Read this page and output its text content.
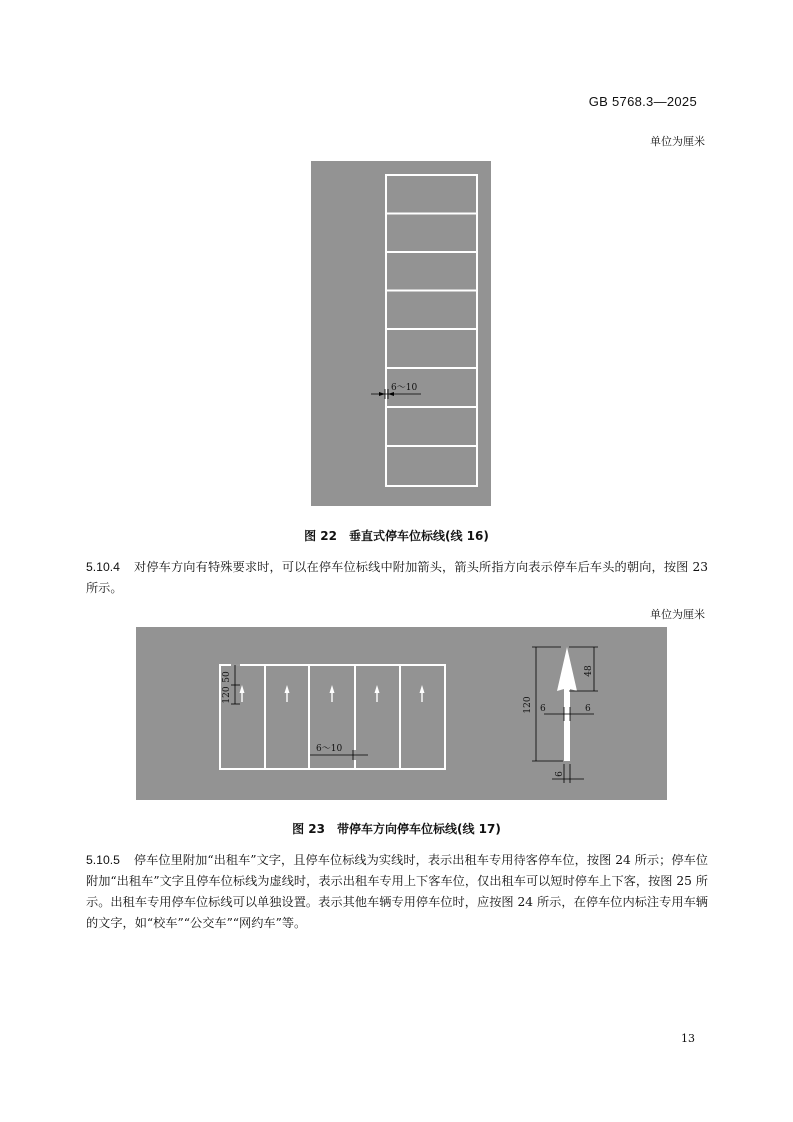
GB 5768.3—2025
单位为厘米
6～10
图 22　垂直式停车位标线(线 16)
5.10.4 对停车方向有特殊要求时，可以在停车位标线中附加箭头，箭头所指方向表示停车后车头的朝向，按图 23 所示。
单位为厘米
50
120
6～10
120
48
6	6
6
图 23　带停车方向停车位标线(线 17)
5.10.5 停车位里附加“出租车”文字，且停车位标线为实线时，表示出租车专用待客停车位，按图 24 所示；停车位附加“出租车”文字且停车位标线为虚线时，表示出租车专用上下客车位，仅出租车可以短时停车上下客，按图 25 所示。出租车专用停车位标线可以单独设置。表示其他车辆专用停车位时，应按图 24 所示，在停车位内标注专用车辆的文字，如“校车”“公交车”“网约车”等。
13
